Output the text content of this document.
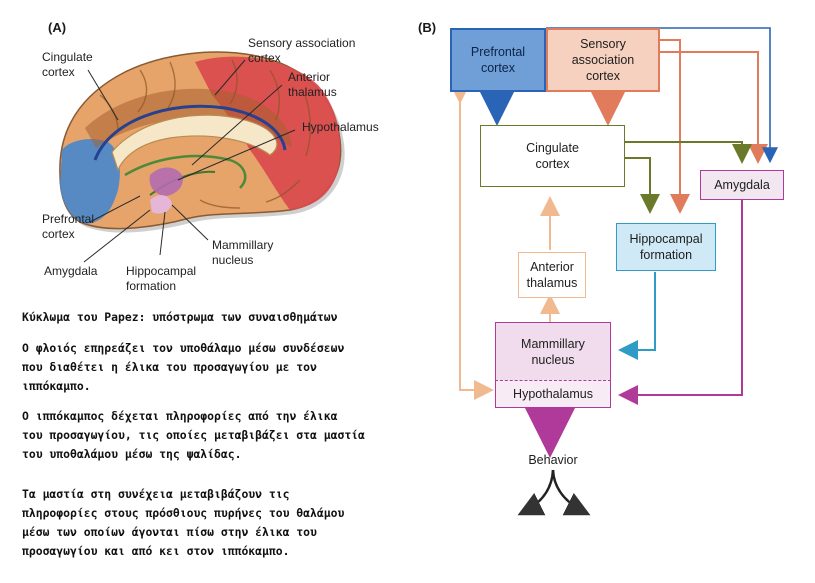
(A)
Cingulate
cortex
Sensory association
cortex
Anterior
thalamus
Hypothalamus
Prefrontal
cortex
Amygdala Hippocampal
formation
Mammillary
nucleus
Κύκλωμα του Papez: υπόστρωμα των συναισθημάτων
Ο φλοιός επηρεάζει τον υποθάλαμο μέσω συνδέσεων
που διαθέτει η έλικα του προσαγωγίου με τον
ιππόκαμπο.
Ο ιππόκαμπος δέχεται πληροφορίες από την έλικα
του προσαγωγίου, τις οποίες μεταβιβάζει στα μαστία
του υποθαλάμου μέσω της ψαλίδας.
Τα μαστία στη συνέχεια μεταβιβάζουν τις
πληροφορίες στους πρόσθιους πυρήνες του θαλάμου
μέσω των οποίων άγονται πίσω στην έλικα του
προσαγωγίου και από κει στον ιππόκαμπο.
(B)
Prefrontal
cortex
Sensory
association
cortex
Cingulate
cortex
Amygdala
Hippocampal
formation
Anterior
thalamus
Mammillary
nucleus
Hypothalamus
Behavior
